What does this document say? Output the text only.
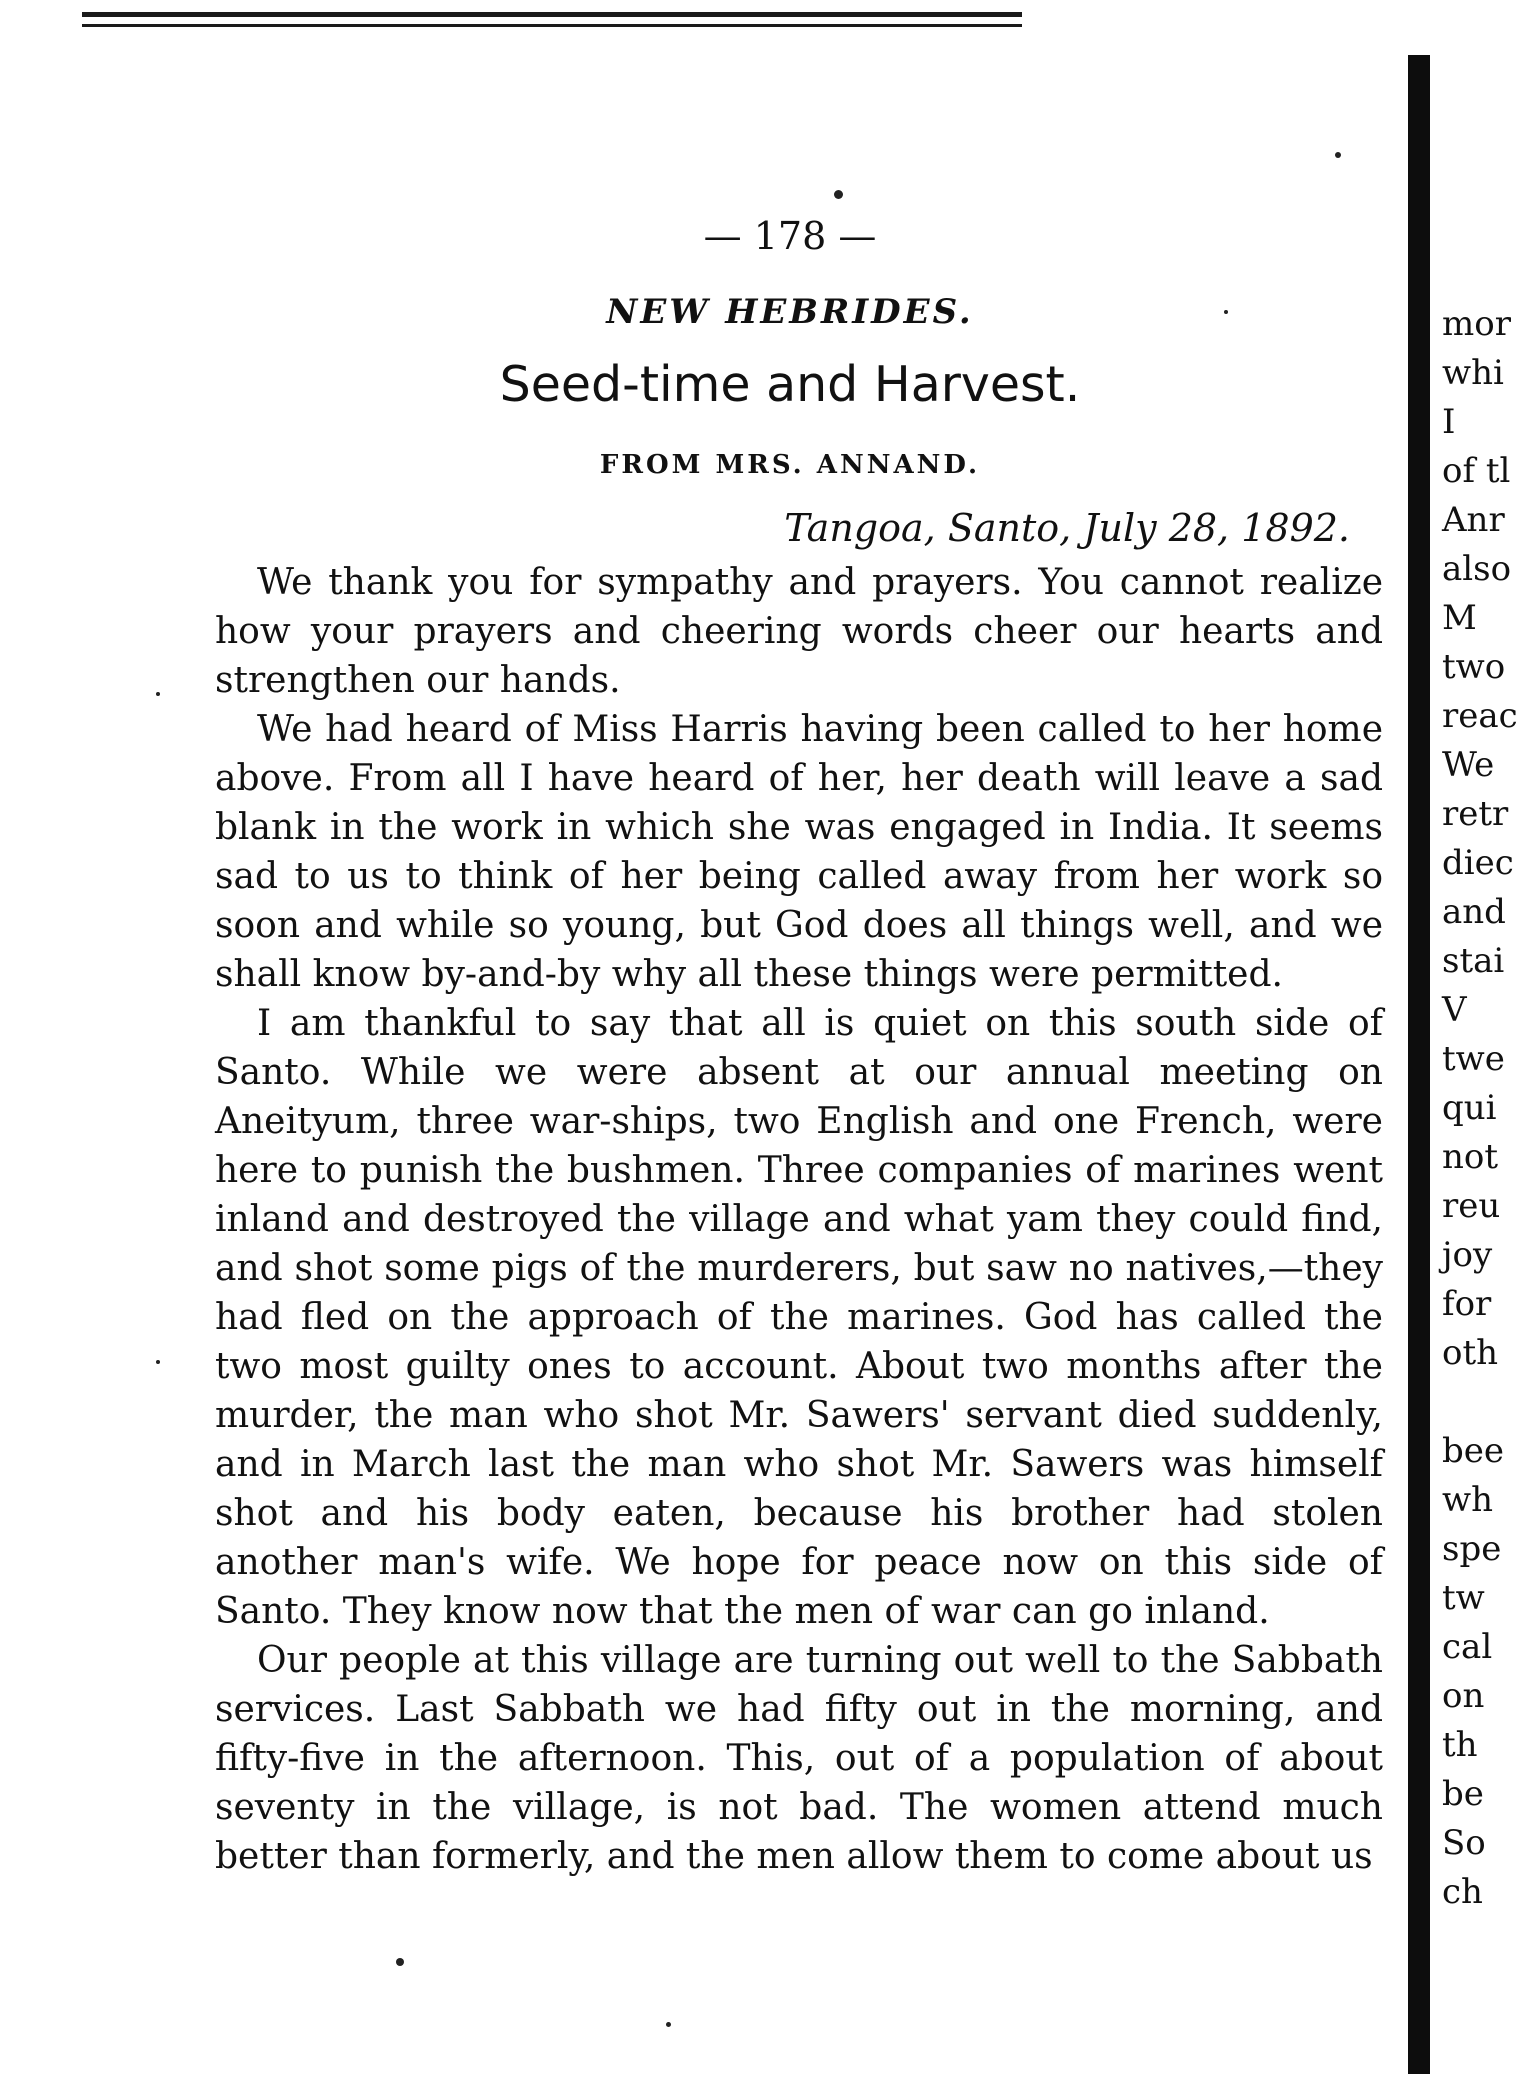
— 178 —
NEW HEBRIDES.
Seed-time and Harvest.
FROM MRS. ANNAND.
Tangoa, Santo, July 28, 1892.

We thank you for sympathy and prayers. You cannot realize how your prayers and cheering words cheer our hearts and strengthen our hands.

We had heard of Miss Harris having been called to her home above. From all I have heard of her, her death will leave a sad blank in the work in which she was engaged in India. It seems sad to us to think of her being called away from her work so soon and while so young, but God does all things well, and we shall know by-and-by why all these things were permitted.

I am thankful to say that all is quiet on this south side of Santo. While we were absent at our annual meeting on Aneityum, three war-ships, two English and one French, were here to punish the bushmen. Three companies of marines went inland and destroyed the village and what yam they could find, and shot some pigs of the murderers, but saw no natives,—they had fled on the approach of the marines. God has called the two most guilty ones to account. About two months after the murder, the man who shot Mr. Sawers' servant died suddenly, and in March last the man who shot Mr. Sawers was himself shot and his body eaten, because his brother had stolen another man's wife. We hope for peace now on this side of Santo. They know now that the men of war can go inland.

Our people at this village are turning out well to the Sabbath services. Last Sabbath we had fifty out in the morning, and fifty-five in the afternoon. This, out of a population of about seventy in the village, is not bad. The women attend much better than formerly, and the men allow them to come about us

mor
whi
I
of tl
Anr
also
M
two
reac
We
retr
diec
and
stai
V
twe
qui
not
reu
joy
for
oth
bee
wh
spe
tw
cal
on
th
be
So
ch
